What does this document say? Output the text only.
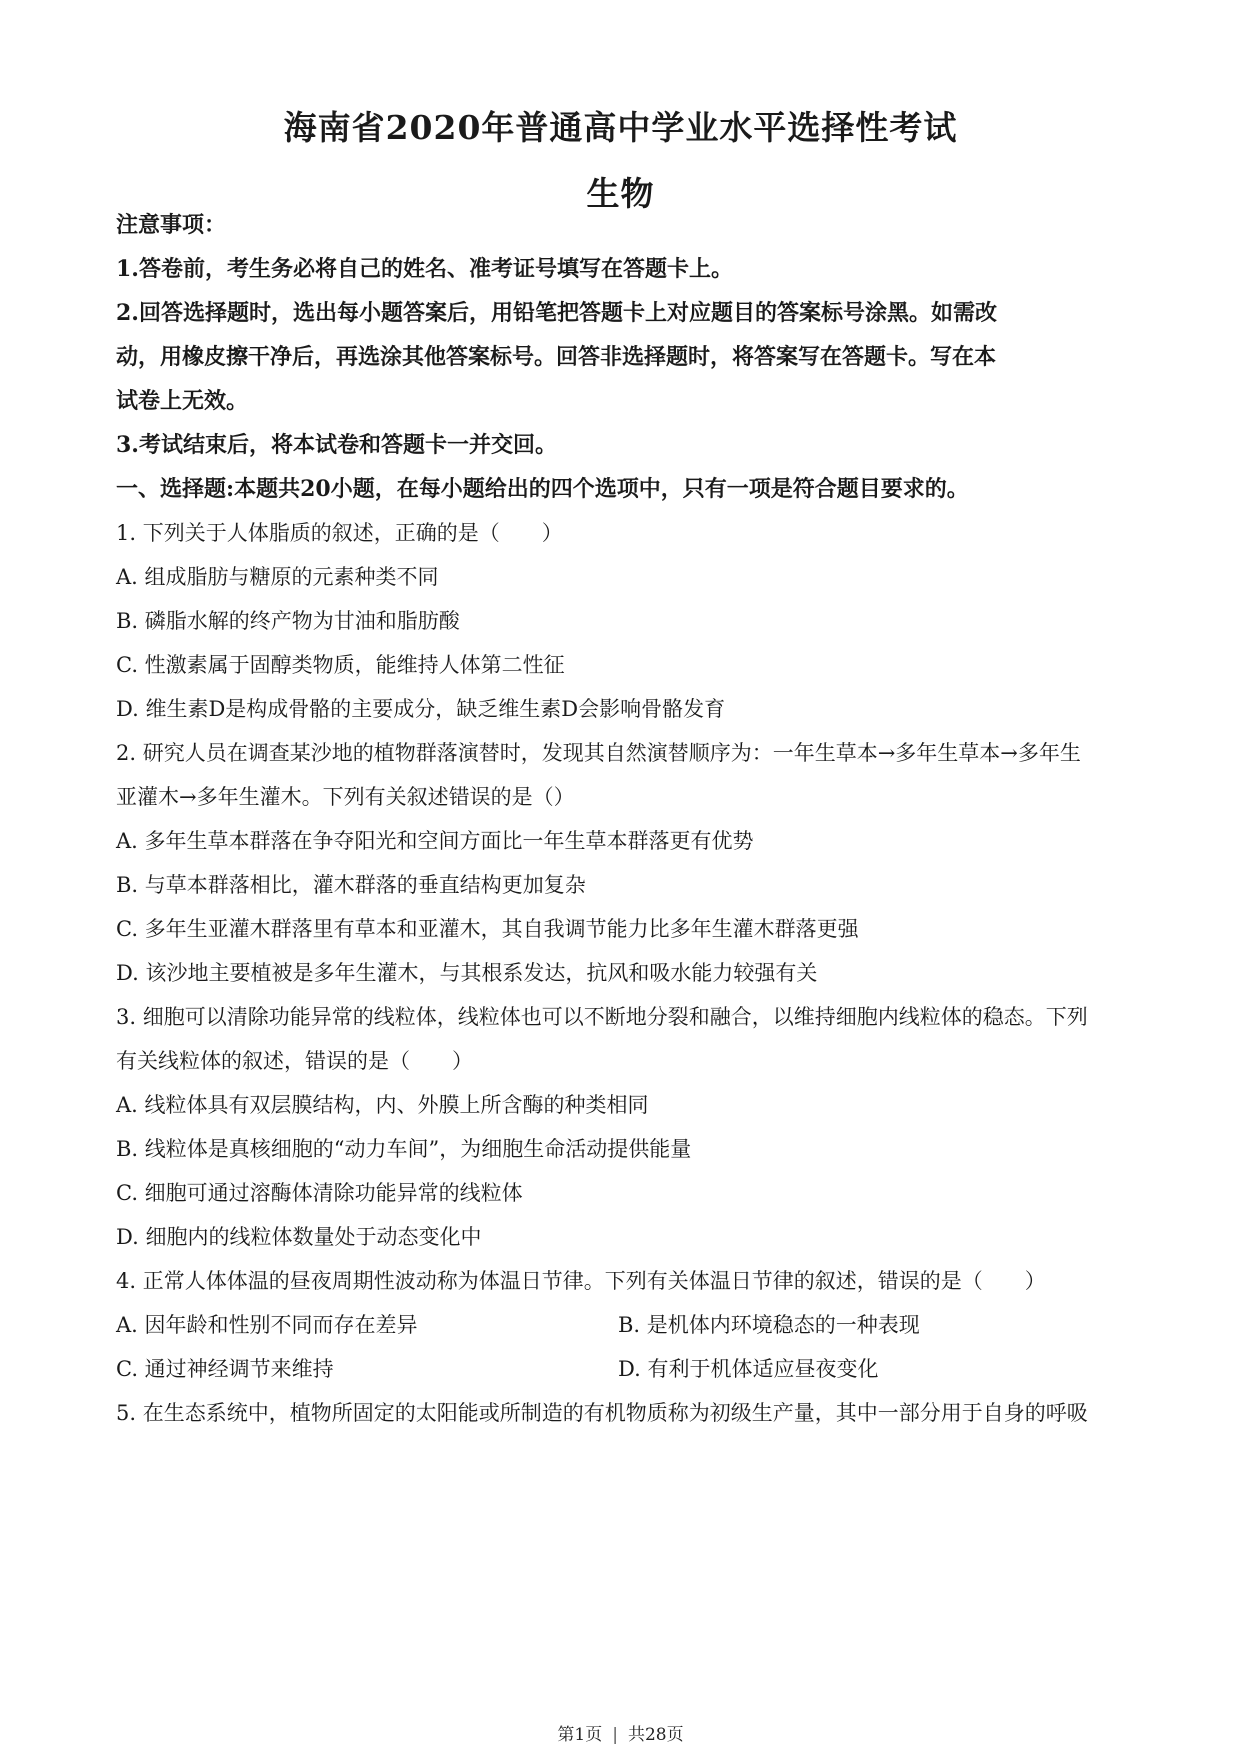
海南省2020年普通高中学业水平选择性考试
生物
注意事项：
1.答卷前，考生务必将自己的姓名、准考证号填写在答题卡上。
2.回答选择题时，选出每小题答案后，用铅笔把答题卡上对应题目的答案标号涂黑。如需改
动，用橡皮擦干净后，再选涂其他答案标号。回答非选择题时，将答案写在答题卡。写在本
试卷上无效。
3.考试结束后，将本试卷和答题卡一并交回。
一、选择题:本题共20小题，在每小题给出的四个选项中，只有一项是符合题目要求的。
1. 下列关于人体脂质的叙述，正确的是（　　）
A. 组成脂肪与糖原的元素种类不同
B. 磷脂水解的终产物为甘油和脂肪酸
C. 性激素属于固醇类物质，能维持人体第二性征
D. 维生素D是构成骨骼的主要成分，缺乏维生素D会影响骨骼发育
2. 研究人员在调查某沙地的植物群落演替时，发现其自然演替顺序为：一年生草本→多年生草本→多年生
亚灌木→多年生灌木。下列有关叙述错误的是（）
A. 多年生草本群落在争夺阳光和空间方面比一年生草本群落更有优势
B. 与草本群落相比，灌木群落的垂直结构更加复杂
C. 多年生亚灌木群落里有草本和亚灌木，其自我调节能力比多年生灌木群落更强
D. 该沙地主要植被是多年生灌木，与其根系发达，抗风和吸水能力较强有关
3. 细胞可以清除功能异常的线粒体，线粒体也可以不断地分裂和融合，以维持细胞内线粒体的稳态。下列
有关线粒体的叙述，错误的是（　　）
A. 线粒体具有双层膜结构，内、外膜上所含酶的种类相同
B. 线粒体是真核细胞的“动力车间”，为细胞生命活动提供能量
C. 细胞可通过溶酶体清除功能异常的线粒体
D. 细胞内的线粒体数量处于动态变化中
4. 正常人体体温的昼夜周期性波动称为体温日节律。下列有关体温日节律的叙述，错误的是（　　）
A. 因年龄和性别不同而存在差异	B. 是机体内环境稳态的一种表现
C. 通过神经调节来维持	D. 有利于机体适应昼夜变化
5. 在生态系统中，植物所固定的太阳能或所制造的有机物质称为初级生产量，其中一部分用于自身的呼吸
第1页 | 共28页
